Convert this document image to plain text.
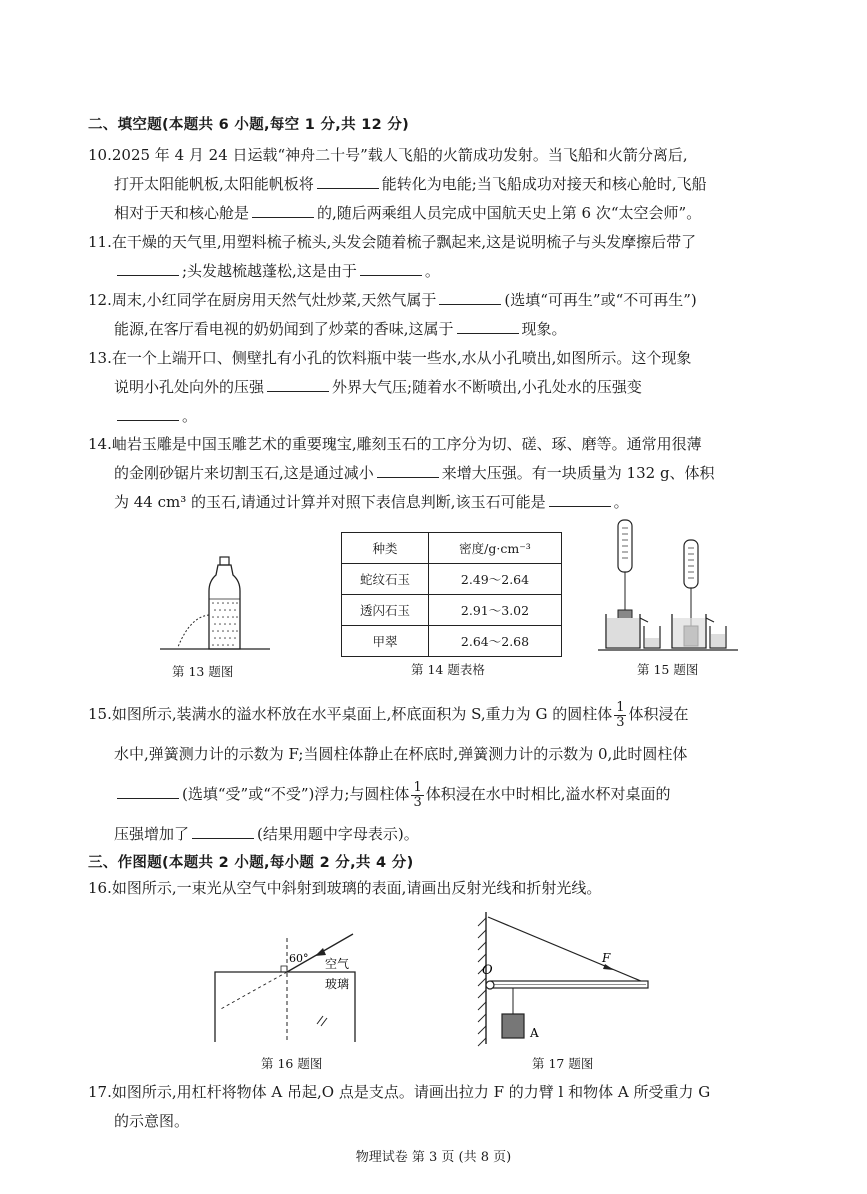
二、填空题(本题共 6 小题,每空 1 分,共 12 分)
10.2025 年 4 月 24 日运载“神舟二十号”载人飞船的火箭成功发射。当飞船和火箭分离后,
打开太阳能帆板,太阳能帆板将	能转化为电能;当飞船成功对接天和核心舱时,飞船
相对于天和核心舱是	的,随后两乘组人员完成中国航天史上第 6 次“太空会师”。
11.在干燥的天气里,用塑料梳子梳头,头发会随着梳子飘起来,这是说明梳子与头发摩擦后带了
;头发越梳越蓬松,这是由于	。
12.周末,小红同学在厨房用天然气灶炒菜,天然气属于	(选填“可再生”或“不可再生”)
能源,在客厅看电视的奶奶闻到了炒菜的香味,这属于	现象。
13.在一个上端开口、侧壁扎有小孔的饮料瓶中装一些水,水从小孔喷出,如图所示。这个现象
说明小孔处向外的压强	外界大气压;随着水不断喷出,小孔处水的压强变
。
14.岫岩玉雕是中国玉雕艺术的重要瑰宝,雕刻玉石的工序分为切、磋、琢、磨等。通常用很薄
的金刚砂锯片来切割玉石,这是通过减小	来增大压强。有一块质量为 132 g、体积
为 44 cm³ 的玉石,请通过计算并对照下表信息判断,该玉石可能是	。
第 13 题图
种类	密度/g·cm⁻³
蛇纹石玉	2.49～2.64
透闪石玉	2.91～3.02
甲翠	2.64～2.68
第 14 题表格	第 15 题图
15.如图所示,装满水的溢水杯放在水平桌面上,杯底面积为 S,重力为 G 的圆柱体 $\frac{1}{3}$ 体积浸在
水中,弹簧测力计的示数为 F;当圆柱体静止在杯底时,弹簧测力计的示数为 0,此时圆柱体
(选填“受”或“不受”)浮力;与圆柱体 $\frac{1}{3}$ 体积浸在水中时相比,溢水杯对桌面的
压强增加了	(结果用题中字母表示)。
三、作图题(本题共 2 小题,每小题 2 分,共 4 分)
16.如图所示,一束光从空气中斜射到玻璃的表面,请画出反射光线和折射光线。
60° 空气
玻璃
第 16 题图
O
F
A
第 17 题图
17.如图所示,用杠杆将物体 A 吊起,O 点是支点。请画出拉力 F 的力臂 l 和物体 A 所受重力 G
的示意图。
物理试卷 第 3 页 (共 8 页)
